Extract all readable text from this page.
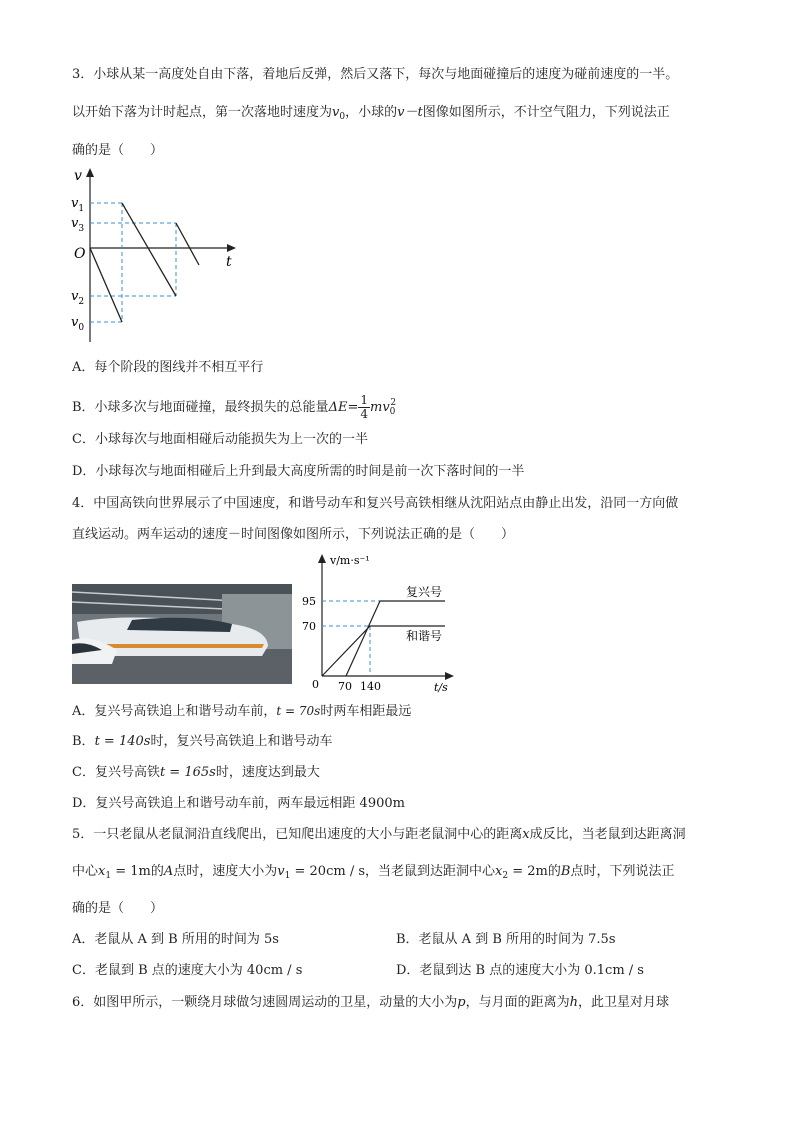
3．小球从某一高度处自由下落，着地后反弹，然后又落下，每次与地面碰撞后的速度为碰前速度的一半。
以开始下落为计时起点，第一次落地时速度为$v_0$，小球的v－t图像如图所示，不计空气阻力，下列说法正
确的是（　　）
v
t
O
$v_1$
$v_3$
$v_2$
$v_0$
A．每个阶段的图线并不相互平行
B．小球多次与地面碰撞，最终损失的总能量$\Delta E= \frac{1}{4} mv_0^2$
C．小球每次与地面相碰后动能损失为上一次的一半
D．小球每次与地面相碰后上升到最大高度所需的时间是前一次下落时间的一半
4．中国高铁向世界展示了中国速度，和谐号动车和复兴号高铁相继从沈阳站点由静止出发，沿同一方向做
直线运动。两车运动的速度－时间图像如图所示，下列说法正确的是（　　）
v/m·s⁻¹
t/s
95
70
0 70 140
复兴号
和谐号
A．复兴号高铁追上和谐号动车前，t = 70s时两车相距最远
B．t = 140s时，复兴号高铁追上和谐号动车
C．复兴号高铁t = 165s时，速度达到最大
D．复兴号高铁追上和谐号动车前，两车最远相距 4900m
5．一只老鼠从老鼠洞沿直线爬出，已知爬出速度的大小与距老鼠洞中心的距离x成反比，当老鼠到达距离洞
中心$x_1 = 1m$的A点时，速度大小为$v_1 = 20cm / s$，当老鼠到达距洞中心$x_2 = 2m$的B点时，下列说法正
确的是（　　）
A．老鼠从 A 到 B 所用的时间为 5s	B．老鼠从 A 到 B 所用的时间为 7.5s
C．老鼠到 B 点的速度大小为 40cm / s	D．老鼠到达 B 点的速度大小为 0.1cm / s
6．如图甲所示，一颗绕月球做匀速圆周运动的卫星，动量的大小为p，与月面的距离为h，此卫星对月球
